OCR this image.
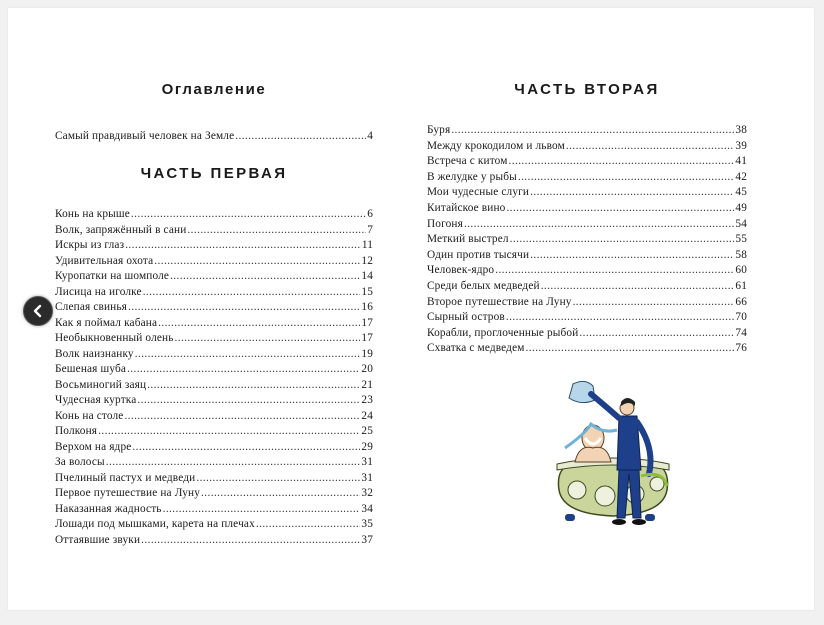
Оглавление
Самый правдивый человек на Земле .....	4
ЧАСТЬ ПЕРВАЯ
Конь на крыше .....	6
Волк, запряжённый в сани .....	7
Искры из глаз .....	11
Удивительная охота .....	12
Куропатки на шомполе .....	14
Лисица на иголке .....	15
Слепая свинья .....	16
Как я поймал кабана .....	17
Необыкновенный олень .....	17
Волк наизнанку .....	19
Бешеная шуба .....	20
Восьминогий заяц .....	21
Чудесная куртка .....	23
Конь на столе .....	24
Полконя .....	25
Верхом на ядре .....	29
За волосы .....	31
Пчелиный пастух и медведи .....	31
Первое путешествие на Луну .....	32
Наказанная жадность .....	34
Лошади под мышками, карета на плечах .....	35
Оттаявшие звуки .....	37
ЧАСТЬ ВТОРАЯ
Буря .....	38
Между крокодилом и львом .....	39
Встреча с китом .....	41
В желудке у рыбы .....	42
Мои чудесные слуги .....	45
Китайское вино .....	49
Погоня .....	54
Меткий выстрел .....	55
Один против тысячи .....	58
Человек-ядро .....	60
Среди белых медведей .....	61
Второе путешествие на Луну .....	66
Сырный остров .....	70
Корабли, проглоченные рыбой .....	74
Схватка с медведем .....	76
